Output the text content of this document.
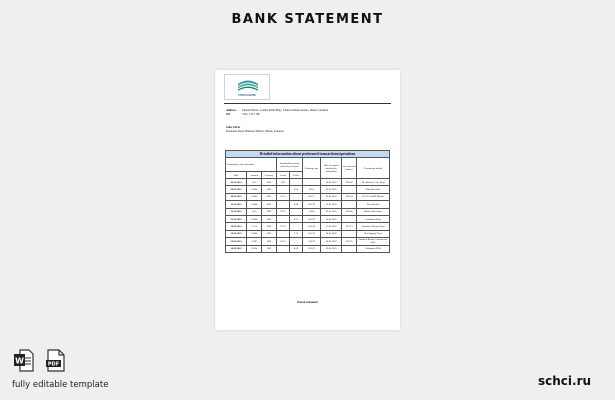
BANK STATEMENT
CITRUS BANK
Address: Emerald Plaza, Loubna Bank Bldg., Charles Malek Avenue, Beirut, Lebanon
Tel:	+961 1 217 780
John Citrus
Dounanaa Road, Hamarat District, Beirut, Lebanon
Detailed information about performed transactions/operations								
Transaction, other operation			Transferable amount (currency account)		Exchange rate	Date of amount showing the transaction	Account final balance	Transaction details
			Credit	Debit				
Date	Amount	Currency						
03.05.2022	1131	LBP	1131			03.05.2022	966.80	The Roasters Cafe Shop
06.05.2022	12680	LBP		6.20	185.6	07.05.2022		Habekket Store
08.05.2022	12640	LBP	121.1		190.21	09.05.2022	946.54	E.H.D. GmbH Market
12.05.2022	16940	LBP		8.80	190.78	12.05.2022		Florentia Inc
13.05.2022	1131	LBP	213.7		190.8	13.05.2022	938.00	Midlet Outlet Store
15.05.2022	12680	LBP		0.21	185.19	16.05.2022		Lalaliuma Shop
16.05.2022	21.74	LBP	157.9		190.18	17.05.2022	913.13	Zoomba Chiraray Shop
19.05.2022	16940	LBP		7.70	185.33	20.05.2022		The Sipping Vines
24.05.2022	2249	LBP	10.91		184.79	26.05.2022	923.95	Southern Beauty Convenience Store
28.05.2022	21034	LBP		0.09	185.22	29.05.2022		Wahabani ATM
End of statement
W	PDF
fully editable template	schci.ru
